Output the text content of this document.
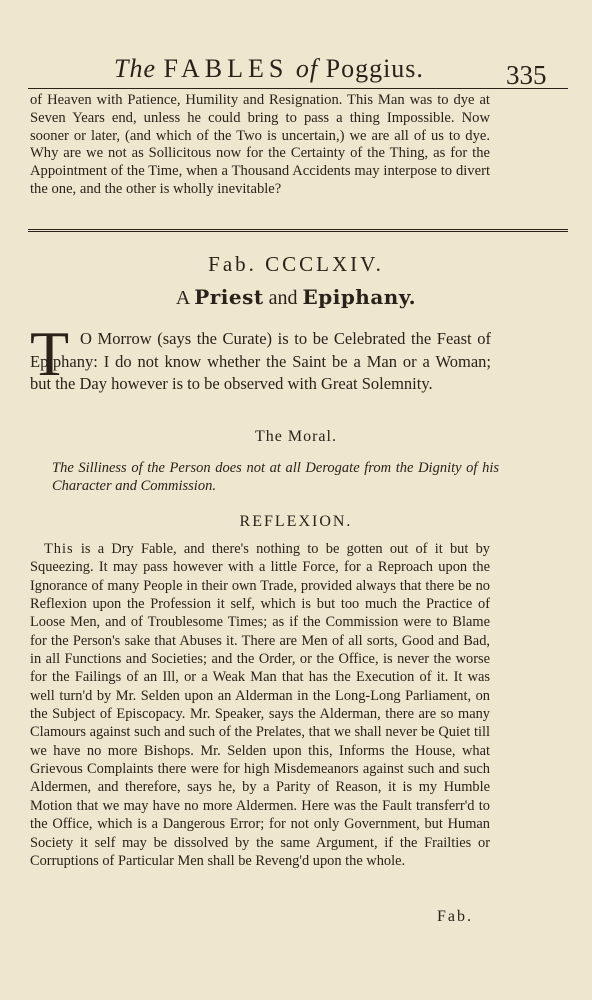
The FABLES of Poggius.	335
of Heaven with Patience, Humility and Resignation. This Man was to dye at Seven Years end, unless he could bring to pass a thing Impossible. Now sooner or later, (and which of the Two is uncertain,) we are all of us to dye. Why are we not as Sollicitous now for the Certainty of the Thing, as for the Appointment of the Time, when a Thousand Accidents may interpose to divert the one, and the other is wholly inevitable?
Fab. CCCLXIV.
A Priest and Epiphany.
T O Morrow (says the Curate) is to be Celebrated the Feast of Epiphany: I do not know whether the Saint be a Man or a Woman; but the Day however is to be observed with Great Solemnity.
The Moral.
The Silliness of the Person does not at all Derogate from the Dignity of his Character and Commission.
REFLEXION.
This is a Dry Fable, and there's nothing to be gotten out of it but by Squeezing. It may pass however with a little Force, for a Reproach upon the Ignorance of many People in their own Trade, provided always that there be no Reflexion upon the Profession it self, which is but too much the Practice of Loose Men, and of Troublesome Times; as if the Commission were to Blame for the Person's sake that Abuses it. There are Men of all sorts, Good and Bad, in all Functions and Societies; and the Order, or the Office, is never the worse for the Failings of an Ill, or a Weak Man that has the Execution of it. It was well turn'd by Mr. Selden upon an Alderman in the Long-Long Parliament, on the Subject of Episcopacy. Mr. Speaker, says the Alderman, there are so many Clamours against such and such of the Prelates, that we shall never be Quiet till we have no more Bishops. Mr. Selden upon this, Informs the House, what Grievous Complaints there were for high Misdemeanors against such and such Aldermen, and therefore, says he, by a Parity of Reason, it is my Humble Motion that we may have no more Aldermen. Here was the Fault transferr'd to the Office, which is a Dangerous Error; for not only Government, but Human Society it self may be dissolved by the same Argument, if the Frailties or Corruptions of Particular Men shall be Reveng'd upon the whole.
Fab.
